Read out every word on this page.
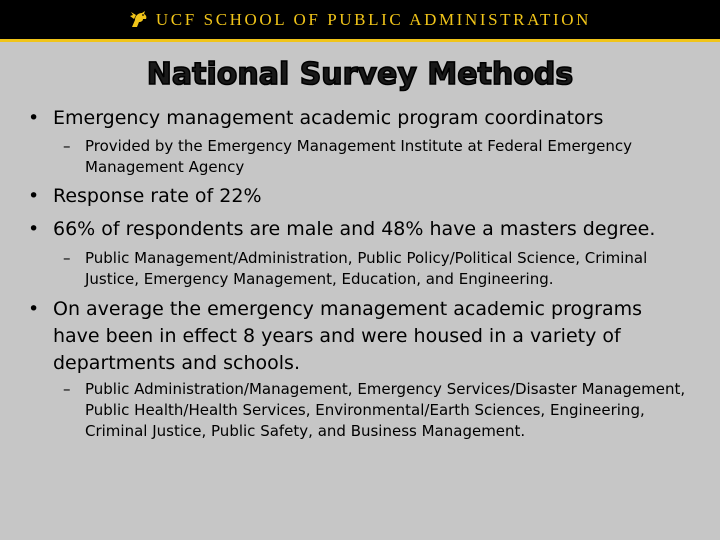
UCF SCHOOL OF PUBLIC ADMINISTRATION
National Survey Methods
• Emergency management academic program coordinators
– Provided by the Emergency Management Institute at Federal Emergency Management Agency
• Response rate of 22%
• 66% of respondents are male and 48% have a masters degree.
– Public Management/Administration, Public Policy/Political Science, Criminal Justice, Emergency Management, Education, and Engineering.
• On average the emergency management academic programs have been in effect 8 years and were housed in a variety of departments and schools.
– Public Administration/Management, Emergency Services/Disaster Management, Public Health/Health Services, Environmental/Earth Sciences, Engineering, Criminal Justice, Public Safety, and Business Management.
